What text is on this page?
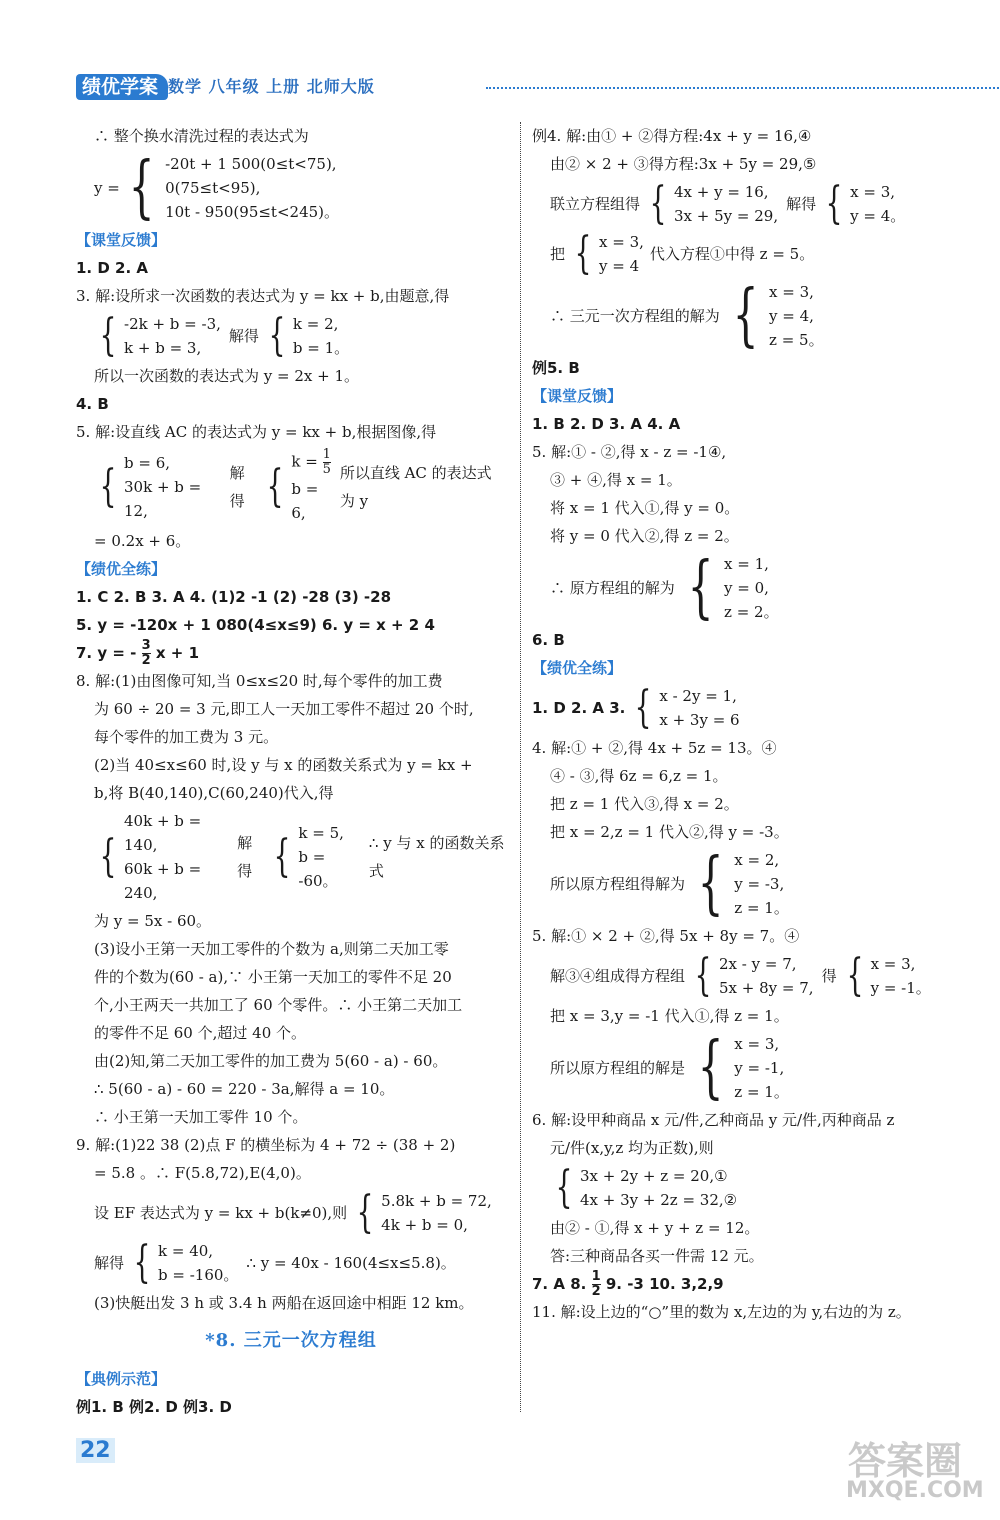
绩优学案 数学 八年级 上册 北师大版
∴ 整个换水清洗过程的表达式为
y = { -20t + 1 500(0≤t<75),
0(75≤t<95),
10t - 950(95≤t<245)。
【课堂反馈】
1. D 2. A
3. 解:设所求一次函数的表达式为 y = kx + b,由题意,得
{ -2k + b = -3,
k + b = 3,
解得 { k = 2,
b = 1。
所以一次函数的表达式为 y = 2x + 1。
4. B
5. 解:设直线 AC 的表达式为 y = kx + b,根据图像,得
{ b = 6,
30k + b = 12,
解得 { $k = \frac{1}{5}$
b = 6,
所以直线 AC 的表达式为 y
= 0.2x + 6。
【绩优全练】
1. C 2. B 3. A 4. (1)2 -1 (2) -28 (3) -28
5. y = -120x + 1 080(4≤x≤9) 6. y = x + 2 4
7. y = - $\frac{3}{2}$ x + 1
8. 解:(1)由图像可知,当 0≤x≤20 时,每个零件的加工费
为 60 ÷ 20 = 3 元,即工人一天加工零件不超过 20 个时,
每个零件的加工费为 3 元。
(2)当 40≤x≤60 时,设 y 与 x 的函数关系式为 y = kx +
b,将 B(40,140),C(60,240)代入,得
{
40k + b = 140,
60k + b = 240,
解得 { k = 5,
b = -60。
∴ y 与 x 的函数关系式
为 y = 5x - 60。
(3)设小王第一天加工零件的个数为 a,则第二天加工零
件的个数为(60 - a),∵ 小王第一天加工的零件不足 20
个,小王两天一共加工了 60 个零件。∴ 小王第二天加工
的零件不足 60 个,超过 40 个。
由(2)知,第二天加工零件的加工费为 5(60 - a) - 60。
∴ 5(60 - a) - 60 = 220 - 3a,解得 a = 10。
∴ 小王第一天加工零件 10 个。
9. 解:(1)22 38 (2)点 F 的横坐标为 4 + 72 ÷ (38 + 2)
= 5.8 。∴ F(5.8,72),E(4,0)。
设 EF 表达式为 y = kx + b(k≠0),则 { 5.8k + b = 72,
4k + b = 0,
解得 { k = 40,
b = -160。
∴ y = 40x - 160(4≤x≤5.8)。
(3)快艇出发 3 h 或 3.4 h 两船在返回途中相距 12 km。
*8. 三元一次方程组
【典例示范】
例1. B 例2. D 例3. D
例4. 解:由① + ②得方程:4x + y = 16,④
由② × 2 + ③得方程:3x + 5y = 29,⑤
联立方程组得 { 4x + y = 16,
3x + 5y = 29,
解得 { x = 3,
y = 4。
把 { x = 3,
y = 4
代入方程①中得 z = 5。
∴ 三元一次方程组的解为 { x = 3,
y = 4,
z = 5。
例5. B
【课堂反馈】
1. B 2. D 3. A 4. A
5. 解:① - ②,得 x - z = -1④,
③ + ④,得 x = 1。
将 x = 1 代入①,得 y = 0。
将 y = 0 代入②,得 z = 2。
∴ 原方程组的解为 { x = 1,
y = 0,
z = 2。
6. B
【绩优全练】
1. D 2. A 3. { x - 2y = 1,
x + 3y = 6
4. 解:① + ②,得 4x + 5z = 13。④
④ - ③,得 6z = 6,z = 1。
把 z = 1 代入③,得 x = 2。
把 x = 2,z = 1 代入②,得 y = -3。
所以原方程组得解为 { x = 2,
y = -3,
z = 1。
5. 解:① × 2 + ②,得 5x + 8y = 7。④
解③④组成得方程组 { 2x - y = 7,
5x + 8y = 7,
得 { x = 3,
y = -1。
把 x = 3,y = -1 代入①,得 z = 1。
所以原方程组的解是 { x = 3,
y = -1,
z = 1。
6. 解:设甲种商品 x 元/件,乙种商品 y 元/件,丙种商品 z
元/件(x,y,z 均为正数),则
{ 3x + 2y + z = 20,①
4x + 3y + 2z = 32,②
由② - ①,得 x + y + z = 12。
答:三种商品各买一件需 12 元。
7. A 8. $\frac{1}{2} 9$. -3 10. 3,2,9
11. 解:设上边的“○”里的数为 x,左边的为 y,右边的为 z。
22	答案圈
MXQE.COM
